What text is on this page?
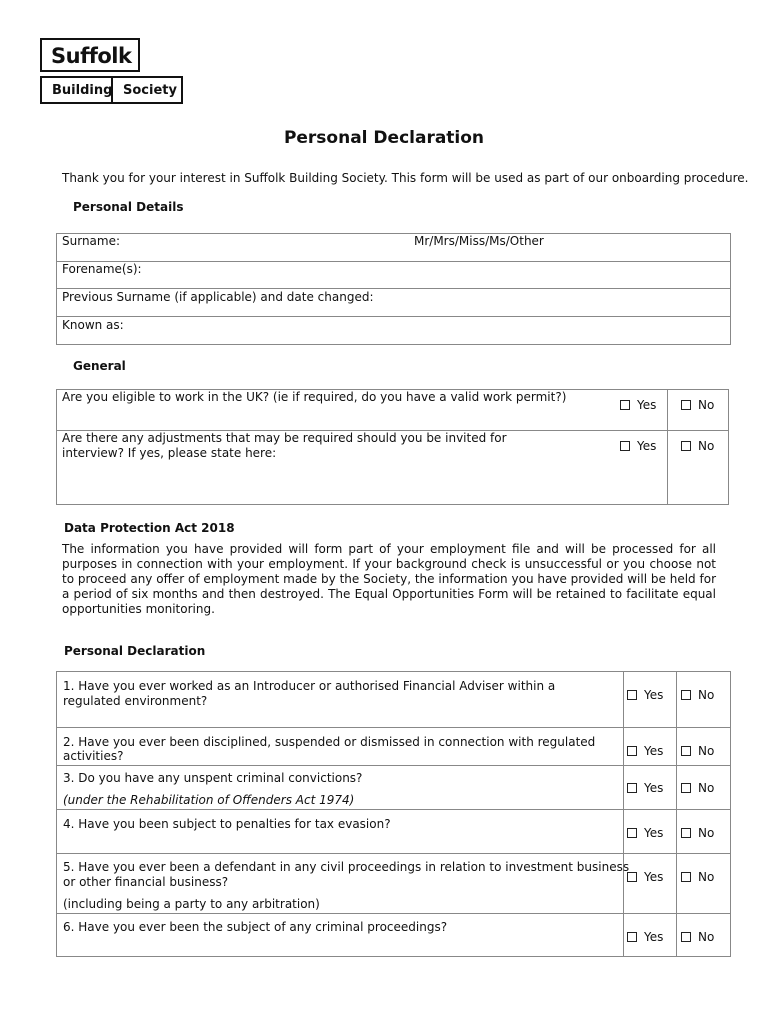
Suffolk
Building Society
Personal Declaration
Thank you for your interest in Suffolk Building Society. This form will be used as part of our onboarding procedure.
Personal Details
Surname:	Mr/Mrs/Miss/Ms/Other
Forename(s):
Previous Surname (if applicable) and date changed:
Known as:
General
Are you eligible to work in the UK? (ie if required, do you have a valid work permit?)
Yes	No
Are there any adjustments that may be required should you be invited for
interview? If yes, please state here:	Yes	No
Data Protection Act 2018
The information you have provided will form part of your employment file and will be processed for all purposes in connection with your employment. If your background check is unsuccessful or you choose not to proceed any offer of employment made by the Society, the information you have provided will be held for a period of six months and then destroyed. The Equal Opportunities Form will be retained to facilitate equal opportunities monitoring.
Personal Declaration
1. Have you ever worked as an Introducer or authorised Financial Adviser within a
regulated environment?	Yes	No
2. Have you ever been disciplined, suspended or dismissed in connection with regulated
activities?	Yes	No
3. Do you have any unspent criminal convictions?
(under the Rehabilitation of Offenders Act 1974)
Yes	No
4. Have you been subject to penalties for tax evasion?
Yes	No
5. Have you ever been a defendant in any civil proceedings in relation to investment business
or other financial business?
(including being a party to any arbitration)
Yes	No
6. Have you ever been the subject of any criminal proceedings?
Yes	No
